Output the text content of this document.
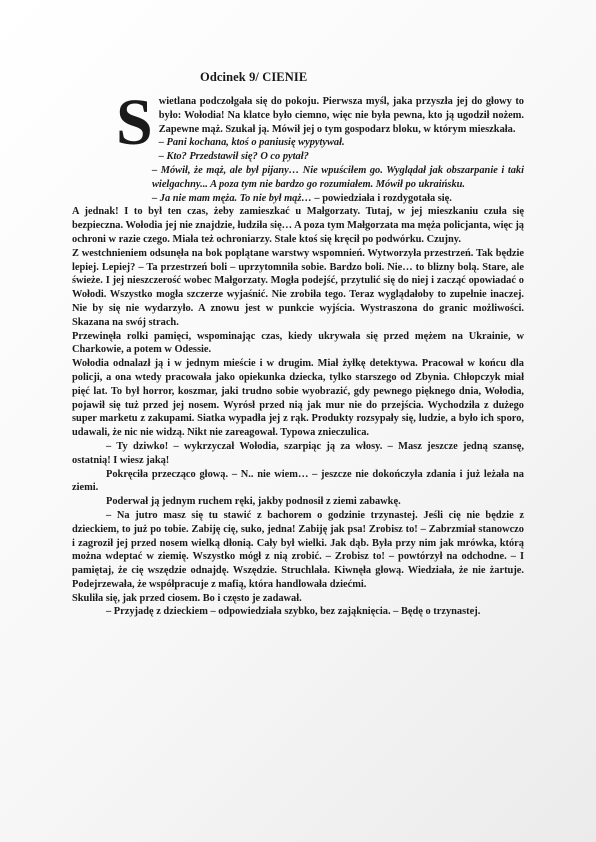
Odcinek 9/ CIENIE

Swietlana podczołgała się do pokoju. Pierwsza myśl, jaka przyszła jej do głowy to było: Wołodia! Na klatce było ciemno, więc nie była pewna, kto ją ugodził nożem. Zapewne mąż. Szukał ją. Mówił jej o tym gospodarz bloku, w którym mieszkała.

– Pani kochana, ktoś o paniusię wypytywał.

– Kto? Przedstawił się? O co pytał?

– Mówił, że mąż, ale był pijany… Nie wpuściłem go. Wyglądał jak obszarpanie i taki wielgachny... A poza tym nie bardzo go rozumiałem. Mówił po ukraińsku.

– Ja nie mam męża. To nie był mąż… – powiedziała i rozdygotała się.

A jednak! I to był ten czas, żeby zamieszkać u Małgorzaty. Tutaj, w jej mieszkaniu czuła się bezpieczna. Wołodia jej nie znajdzie, łudziła się… A poza tym Małgorzata ma męża policjanta, więc ją ochroni w razie czego. Miała też ochroniarzy. Stale ktoś się kręcił po podwórku. Czujny.

Z westchnieniem odsunęła na bok poplątane warstwy wspomnień. Wytworzyła przestrzeń. Tak będzie lepiej. Lepiej? – Ta przestrzeń boli – uprzytomniła sobie. Bardzo boli. Nie… to blizny bolą. Stare, ale świeże. I jej nieszczerość wobec Małgorzaty. Mogła podejść, przytulić się do niej i zacząć opowiadać o Wołodi. Wszystko mogła szczerze wyjaśnić. Nie zrobiła tego. Teraz wyglądałoby to zupełnie inaczej. Nie by się nie wydarzyło. A znowu jest w punkcie wyjścia. Wystraszona do granic możliwości. Skazana na swój strach.

Przewinęła rolki pamięci, wspominając czas, kiedy ukrywała się przed mężem na Ukrainie, w Charkowie, a potem w Odessie.

Wołodia odnalazł ją i w jednym mieście i w drugim. Miał żyłkę detektywa. Pracował w końcu dla policji, a ona wtedy pracowała jako opiekunka dziecka, tylko starszego od Zbynia. Chłopczyk miał pięć lat. To był horror, koszmar, jaki trudno sobie wyobrazić, gdy pewnego pięknego dnia, Wołodia, pojawił się tuż przed jej nosem. Wyrósł przed nią jak mur nie do przejścia. Wychodziła z dużego super marketu z zakupami. Siatka wypadła jej z rąk. Produkty rozsypały się, ludzie, a było ich sporo, udawali, że nic nie widzą. Nikt nie zareagował. Typowa znieczulica.

– Ty dziwko! – wykrzyczał Wołodia, szarpiąc ją za włosy. – Masz jeszcze jedną szansę, ostatnią! I wiesz jaką!

Pokręciła przecząco głową. – N.. nie wiem… – jeszcze nie dokończyła zdania i już leżała na ziemi.

Poderwał ją jednym ruchem ręki, jakby podnosił z ziemi zabawkę.

– Na jutro masz się tu stawić z bachorem o godzinie trzynastej. Jeśli cię nie będzie z dzieckiem, to już po tobie. Zabiję cię, suko, jedna! Zabiję jak psa! Zrobisz to! – Zabrzmiał stanowczo i zagroził jej przed nosem wielką dłonią. Cały był wielki. Jak dąb. Była przy nim jak mrówka, którą można wdeptać w ziemię. Wszystko mógł z nią zrobić. – Zrobisz to! – powtórzył na odchodne. – I pamiętaj, że cię wszędzie odnajdę. Wszędzie. Struchlała. Kiwnęła głową. Wiedziała, że nie żartuje. Podejrzewała, że współpracuje z mafią, która handlowała dziećmi.

Skuliła się, jak przed ciosem. Bo i często je zadawał.

– Przyjadę z dzieckiem – odpowiedziała szybko, bez zająknięcia. – Będę o trzynastej.
